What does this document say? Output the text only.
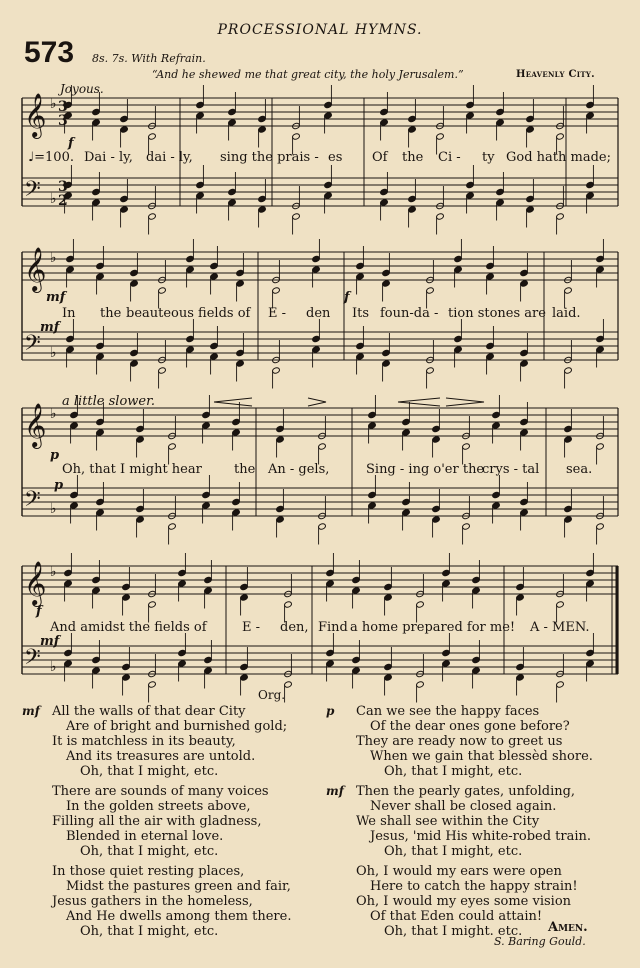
PROCESSIONAL HYMNS.
573 8s. 7s. With Refrain.
“And he shewed me that great city, the holy Jerusalem.”	Heavenly City.
Joyous.
𝄞 ♭
𝄢 ♭
𝄞 ♭
𝄢 ♭
𝄞 ♭
𝄢 ♭
𝄞 ♭
𝄢 ♭
3
3
3
2
♩=100.
f
Dai - ly, dai - ly, sing the prais - es Of the Ci - ty God hath made;
mf
mf
f
In the beauteous fields of E - den Its foun-da - tion stones are laid.
a little slower.
p
p
Oh, that I might hear the An - gels,	Sing - ing o'er the
crys - tal sea.
f
mf
And amidst the fields of	E - den, Find a home prepared for me! A - MEN.
Org.
mf All the walls of that dear City
Are of bright and burnished gold;
It is matchless in its beauty,
And its treasures are untold.
Oh, that I might, etc.
There are sounds of many voices
In the golden streets above,
Filling all the air with gladness,
Blended in eternal love.
Oh, that I might, etc.
In those quiet resting places,
Midst the pastures green and fair,
Jesus gathers in the homeless,
And He dwells among them there.
Oh, that I might, etc.
p Can we see the happy faces
Of the dear ones gone before?
They are ready now to greet us
When we gain that blessèd shore.
Oh, that I might, etc.
mf Then the pearly gates, unfolding,
Never shall be closed again.
We shall see within the City
Jesus, 'mid His white-robed train.
Oh, that I might, etc.
Oh, I would my ears were open
Here to catch the happy strain!
Oh, I would my eyes some vision
Of that Eden could attain!
Oh, that I might. etc.	Amen.
S. Baring Gould.
